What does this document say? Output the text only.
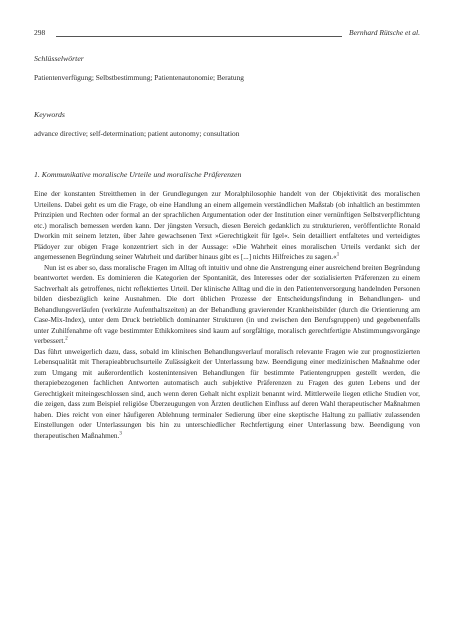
298	Bernhard Rütsche et al.
Schlüsselwörter
Patientenverfügung; Selbstbestimmung; Patientenautonomie; Beratung
Keywords
advance directive; self-determination; patient autonomy; consultation
1. Kommunikative moralische Urteile und moralische Präferenzen

Eine der konstanten Streitthemen in der Grundlegungen zur Moralphilosophie handelt von der Objektivität des moralischen Urteilens. Dabei geht es um die Frage, ob eine Handlung an einem allgemein verständlichen Maßstab (ob inhaltlich an bestimmten Prinzipien und Rechten oder formal an der sprachlichen Argumentation oder der Institution einer vernünftigen Selbstverpflichtung etc.) moralisch bemessen werden kann. Der jüngsten Versuch, diesen Bereich gedanklich zu strukturieren, veröffentlichte Ronald Dworkin mit seinem letzten, über Jahre gewachsenen Text »Gerechtigkeit für Igel«. Sein detailliert entfaltetes und verteidigtes Plädoyer zur obigen Frage konzentriert sich in der Aussage: »Die Wahrheit eines moralischen Urteils verdankt sich der angemessenen Begründung seiner Wahrheit und darüber hinaus gibt es [...] nichts Hilfreiches zu sagen.«$^1$

Nun ist es aber so, dass moralische Fragen im Alltag oft intuitiv und ohne die Anstrengung einer ausreichend breiten Begründung beantwortet werden. Es dominieren die Kategorien der Spontanität, des Interesses oder der sozialisierten Präferenzen zu einem Sachverhalt als getroffenes, nicht reflektiertes Urteil. Der klinische Alltag und die in den Patientenversorgung handelnden Personen bilden diesbezüglich keine Ausnahmen. Die dort üblichen Prozesse der Entscheidungsfindung in Behandlungen- und Behandlungsverläufen (verkürzte Aufenthaltszeiten) an der Behandlung gravierender Krankheitsbilder (durch die Orientierung am Case-Mix-Index), unter dem Druck betrieblich dominanter Strukturen (in und zwischen den Berufsgruppen) und gegebenenfalls unter Zuhilfenahme oft vage bestimmter Ethikkomitees sind kaum auf sorgfältige, moralisch gerechtfertigte Abstimmungsvorgänge verbessert.$^2$

Das führt unweigerlich dazu, dass, sobald im klinischen Behandlungsverlauf moralisch relevante Fragen wie zur prognostizierten Lebensqualität mit Therapieabbruchsurteile Zulässigkeit der Unterlassung bzw. Beendigung einer medizinischen Maßnahme oder zum Umgang mit außerordentlich kostenintensiven Behandlungen für bestimmte Patientengruppen gestellt werden, die therapiebezogenen fachlichen Antworten automatisch auch subjektive Präferenzen zu Fragen des guten Lebens und der Gerechtigkeit miteingeschlossen sind, auch wenn deren Gehalt nicht explizit benannt wird. Mittlerweile liegen etliche Studien vor, die zeigen, dass zum Beispiel religiöse Überzeugungen von Ärzten deutlichen Einfluss auf deren Wahl therapeutischer Maßnahmen haben. Dies reicht von einer häufigeren Ablehnung terminaler Sedierung über eine skeptische Haltung zu palliativ zulassenden Einstellungen oder Unterlassungen bis hin zu unterschiedlicher Rechtfertigung einer Unterlassung bzw. Beendigung von therapeutischen Maßnahmen.$^3$
